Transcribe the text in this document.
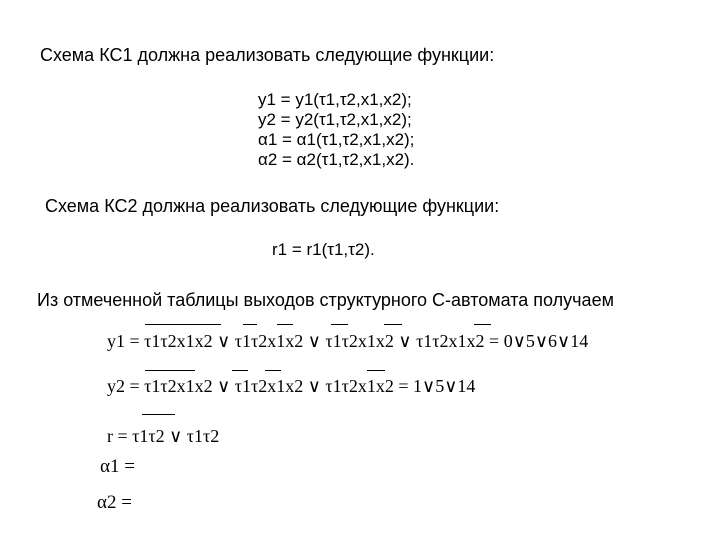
Схема КС1 должна реализовать следующие функции:
y1 = y1(τ1,τ2,x1,x2);
y2 = y2(τ1,τ2,x1,x2);
α1 = α1(τ1,τ2,x1,x2);
α2 = α2(τ1,τ2,x1,x2).
Схема КС2 должна реализовать следующие функции:
r1 = r1(τ1,τ2).
Из отмеченной таблицы выходов структурного С-автомата получаем
y1 = τ1τ2x1x2 ∨ τ1τ2x1x2 ∨ τ1τ2x1x2 ∨ τ1τ2x1x2 = 0∨5∨6∨14
y2 = τ1τ2x1x2 ∨ τ1τ2x1x2 ∨ τ1τ2x1x2 = 1∨5∨14
r = τ1τ2 ∨ τ1τ2
α1 =
α2 =
